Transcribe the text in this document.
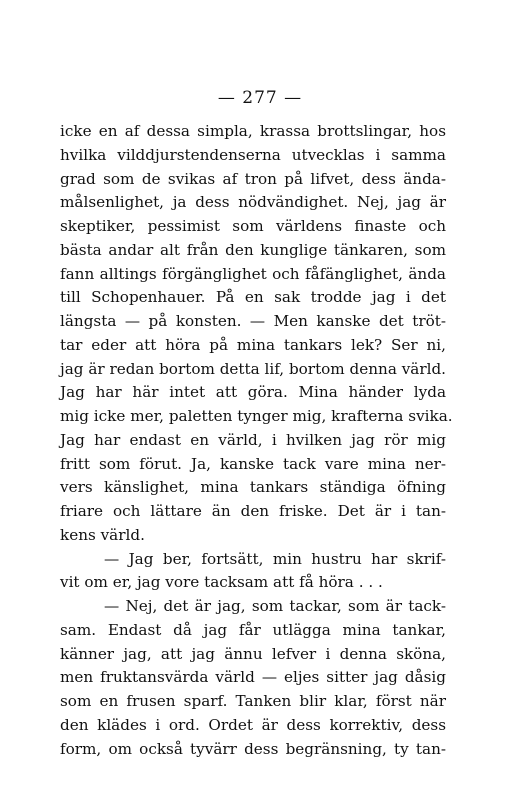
— 277 —
icke en af dessa simpla, krassa brottslingar, hos
hvilka vilddjurstendenserna utvecklas i samma
grad som de svikas af tron på lifvet, dess ända-
målsenlighet, ja dess nödvändighet. Nej, jag är
skeptiker, pessimist som världens finaste och
bästa andar alt från den kunglige tänkaren, som
fann alltings förgänglighet och fåfänglighet, ända
till Schopenhauer. På en sak trodde jag i det
längsta — på konsten. — Men kanske det tröt-
tar eder att höra på mina tankars lek? Ser ni,
jag är redan bortom detta lif, bortom denna värld.
Jag har här intet att göra. Mina händer lyda
mig icke mer, paletten tynger mig, krafterna svika.
Jag har endast en värld, i hvilken jag rör mig
fritt som förut. Ja, kanske tack vare mina ner-
vers känslighet, mina tankars ständiga öfning
friare och lättare än den friske. Det är i tan-
kens värld.
— Jag ber, fortsätt, min hustru har skrif-
vit om er, jag vore tacksam att få höra . . .
— Nej, det är jag, som tackar, som är tack-
sam. Endast då jag får utlägga mina tankar,
känner jag, att jag ännu lefver i denna sköna,
men fruktansvärda värld — eljes sitter jag dåsig
som en frusen sparf. Tanken blir klar, först när
den klädes i ord. Ordet är dess korrektiv, dess
form, om också tyvärr dess begränsning, ty tan-
